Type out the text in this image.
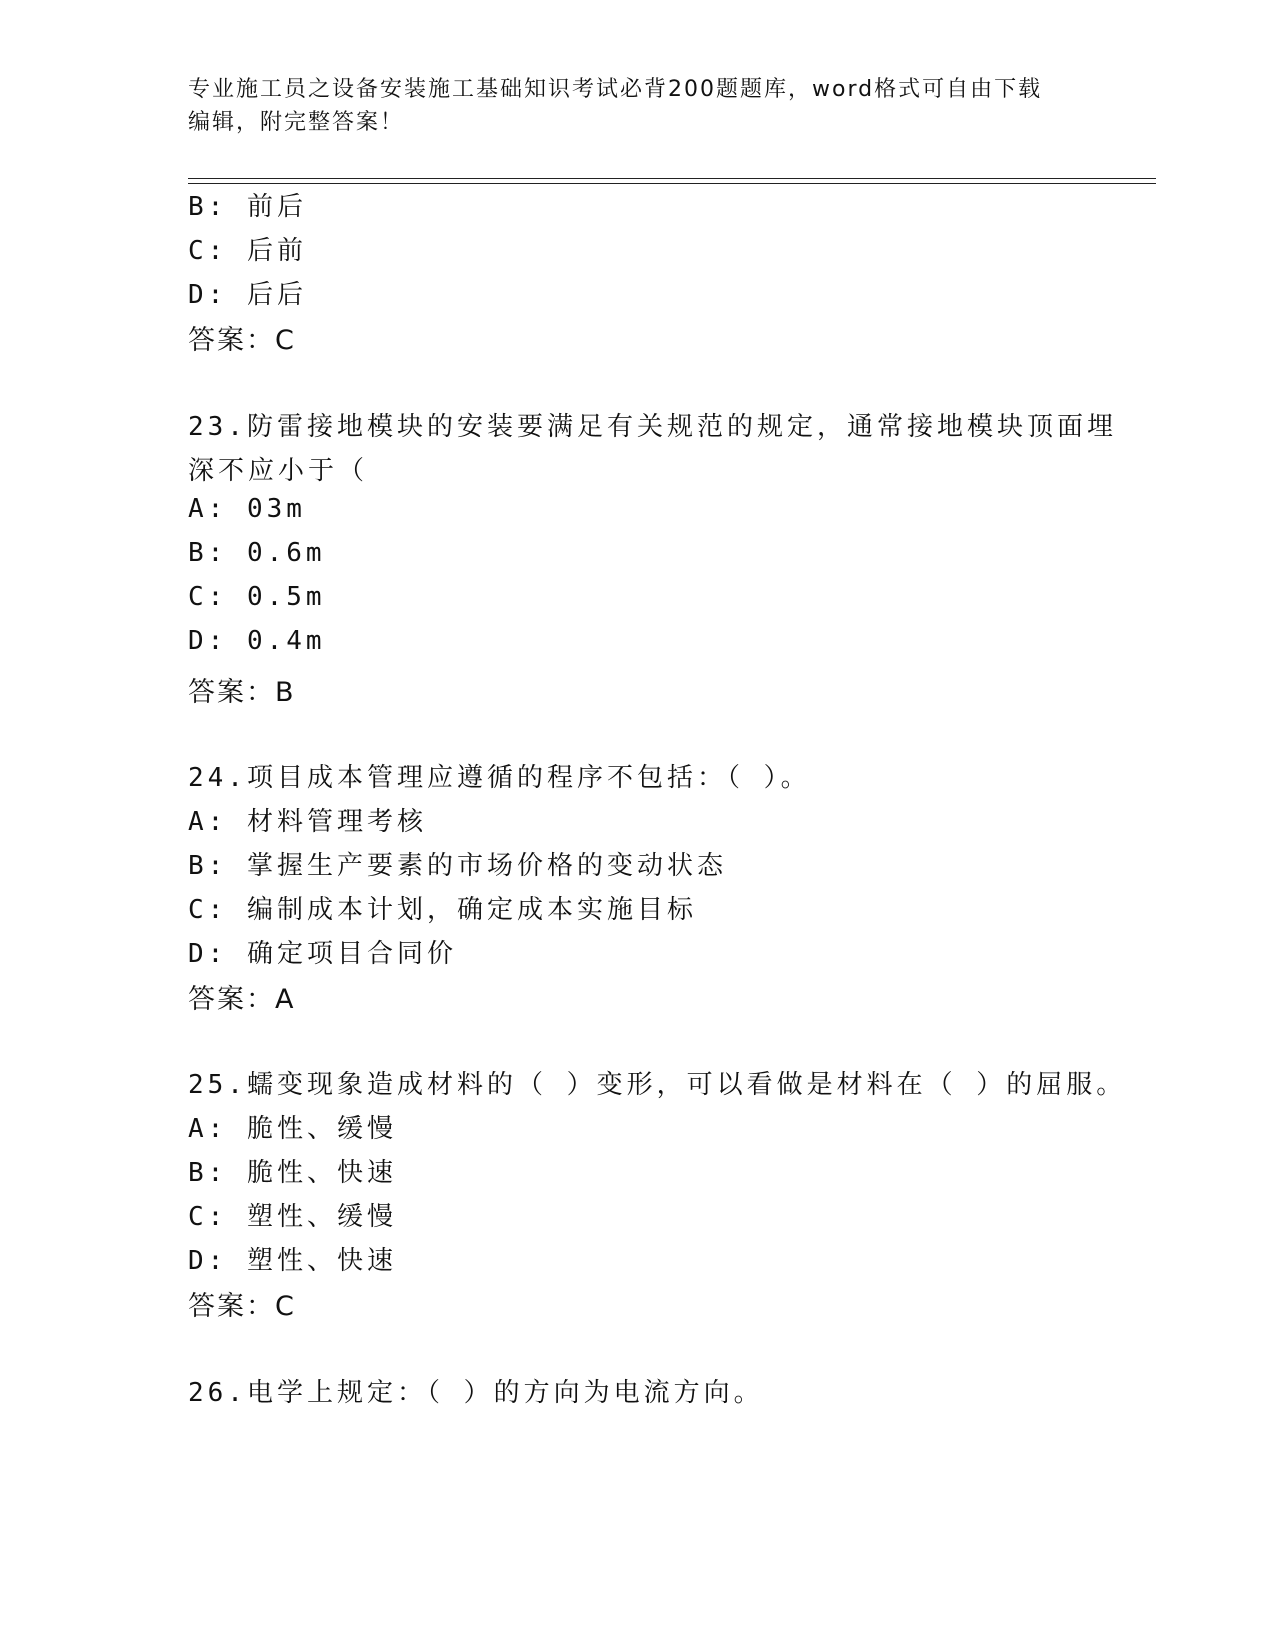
专业施工员之设备安装施工基础知识考试必背200题题库，word格式可自由下载
编辑，附完整答案！
B: 前后
C: 后前
D: 后后
答案：C
23.防雷接地模块的安装要满足有关规范的规定，通常接地模块顶面埋
深不应小于（
A: 03m
B: 0.6m
C: 0.5m
D: 0.4m
答案：B
24.项目成本管理应遵循的程序不包括：（ ）。
A: 材料管理考核
B: 掌握生产要素的市场价格的变动状态
C: 编制成本计划，确定成本实施目标
D: 确定项目合同价
答案：A
25.蠕变现象造成材料的（ ）变形，可以看做是材料在（ ）的屈服。
A: 脆性、缓慢
B: 脆性、快速
C: 塑性、缓慢
D: 塑性、快速
答案：C
26.电学上规定：（ ）的方向为电流方向。
